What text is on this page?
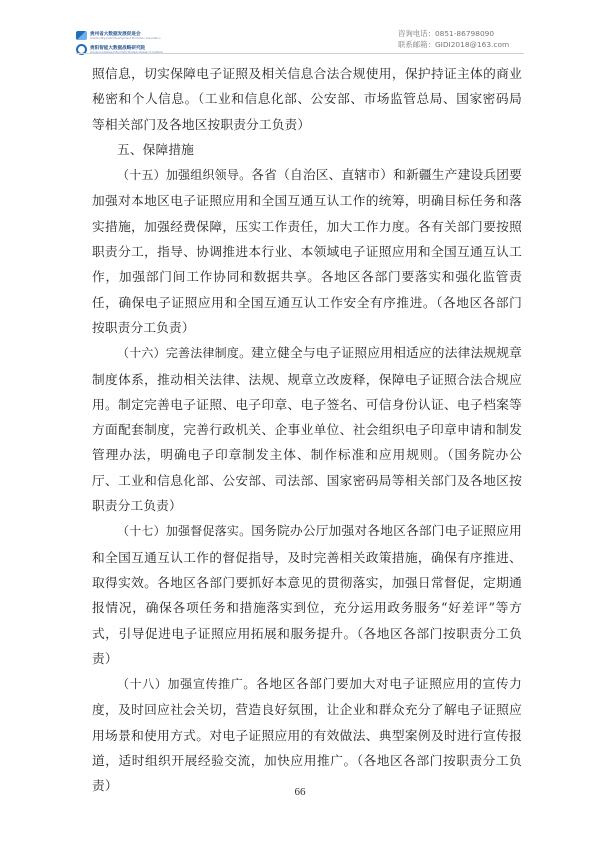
贵州省大数据发展促进会
Guizhou Big Data Development Promotion Association
贵阳智能大数据战略研究院
Guiyang Intelligent Big Data Strategy Research Institute
咨询电话：0851-86798090
联系邮箱：GIDI2018@163.com

照信息，切实保障电子证照及相关信息合法合规使用，保护持证主体的商业秘密和个人信息。（工业和信息化部、公安部、市场监管总局、国家密码局等相关部门及各地区按职责分工负责）

五、保障措施

（十五）加强组织领导。各省（自治区、直辖市）和新疆生产建设兵团要加强对本地区电子证照应用和全国互通互认工作的统筹，明确目标任务和落实措施，加强经费保障，压实工作责任，加大工作力度。各有关部门要按照职责分工，指导、协调推进本行业、本领域电子证照应用和全国互通互认工作，加强部门间工作协同和数据共享。各地区各部门要落实和强化监管责任，确保电子证照应用和全国互通互认工作安全有序推进。（各地区各部门按职责分工负责）

（十六）完善法律制度。建立健全与电子证照应用相适应的法律法规规章制度体系，推动相关法律、法规、规章立改废释，保障电子证照合法合规应用。制定完善电子证照、电子印章、电子签名、可信身份认证、电子档案等方面配套制度，完善行政机关、企事业单位、社会组织电子印章申请和制发管理办法，明确电子印章制发主体、制作标准和应用规则。（国务院办公厅、工业和信息化部、公安部、司法部、国家密码局等相关部门及各地区按职责分工负责）

（十七）加强督促落实。国务院办公厅加强对各地区各部门电子证照应用和全国互通互认工作的督促指导，及时完善相关政策措施，确保有序推进、取得实效。各地区各部门要抓好本意见的贯彻落实，加强日常督促，定期通报情况，确保各项任务和措施落实到位，充分运用政务服务“好差评”等方式，引导促进电子证照应用拓展和服务提升。（各地区各部门按职责分工负责）

（十八）加强宣传推广。各地区各部门要加大对电子证照应用的宣传力度，及时回应社会关切，营造良好氛围，让企业和群众充分了解电子证照应用场景和使用方式。对电子证照应用的有效做法、典型案例及时进行宣传报道，适时组织开展经验交流，加快应用推广。（各地区各部门按职责分工负责）	66
